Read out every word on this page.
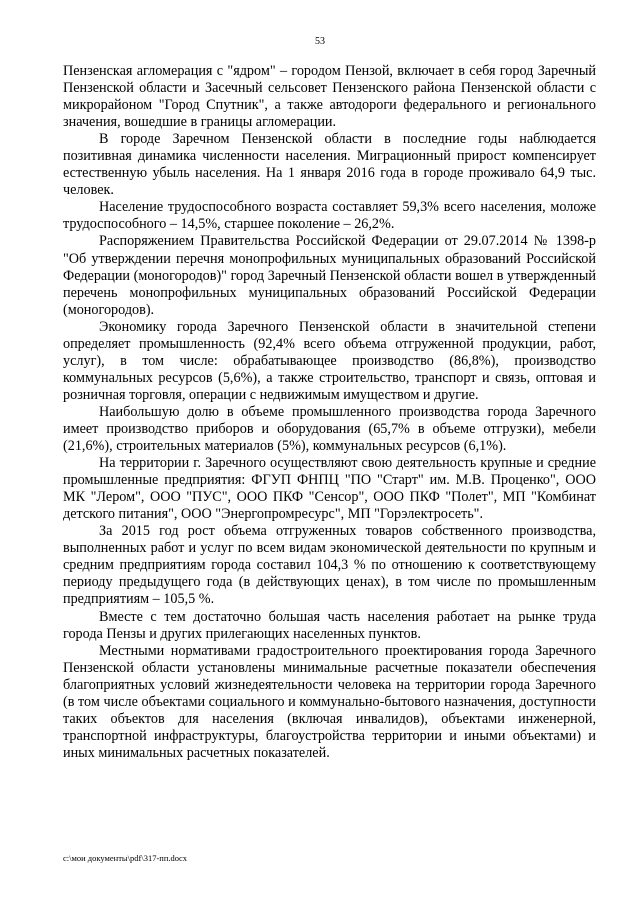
53

Пензенская агломерация с "ядром" – городом Пензой, включает в себя город Заречный Пензенской области и Засечный сельсовет Пензенского района Пензенской области с микрорайоном "Город Спутник", а также автодороги федерального и регионального значения, вошедшие в границы агломерации.

В городе Заречном Пензенской области в последние годы наблюдается позитивная динамика численности населения. Миграционный прирост компенсирует естественную убыль населения. На 1 января 2016 года в городе проживало 64,9 тыс. человек.

Население трудоспособного возраста составляет 59,3% всего населения, моложе трудоспособного – 14,5%, старшее поколение – 26,2%.

Распоряжением Правительства Российской Федерации от 29.07.2014 № 1398-р "Об утверждении перечня монопрофильных муниципальных образований Российской Федерации (моногородов)" город Заречный Пензенской области вошел в утвержденный перечень монопрофильных муниципальных образований Российской Федерации (моногородов).

Экономику города Заречного Пензенской области в значительной степени определяет промышленность (92,4% всего объема отгруженной продукции, работ, услуг), в том числе: обрабатывающее производство (86,8%), производство коммунальных ресурсов (5,6%), а также строительство, транспорт и связь, оптовая и розничная торговля, операции с недвижимым имуществом и другие.

Наибольшую долю в объеме промышленного производства города Заречного имеет производство приборов и оборудования (65,7% в объеме отгрузки), мебели (21,6%), строительных материалов (5%), коммунальных ресурсов (6,1%).

На территории г. Заречного осуществляют свою деятельность крупные и средние промышленные предприятия: ФГУП ФНПЦ "ПО "Старт" им. М.В. Проценко", ООО МК "Лером", ООО "ПУС", ООО ПКФ "Сенсор", ООО ПКФ "Полет", МП "Комбинат детского питания", ООО "Энергопромресурс", МП "Горэлектросеть".

За 2015 год рост объема отгруженных товаров собственного производства, выполненных работ и услуг по всем видам экономической деятельности по крупным и средним предприятиям города составил 104,3 % по отношению к соответствующему периоду предыдущего года (в действующих ценах), в том числе по промышленным предприятиям – 105,5 %.

Вместе с тем достаточно большая часть населения работает на рынке труда города Пензы и других прилегающих населенных пунктов.

Местными нормативами градостроительного проектирования города Заречного Пензенской области установлены минимальные расчетные показатели обеспечения благоприятных условий жизнедеятельности человека на территории города Заречного (в том числе объектами социального и коммунально-бытового назначения, доступности таких объектов для населения (включая инвалидов), объектами инженерной, транспортной инфраструктуры, благоустройства территории и иными объектами) и иных минимальных расчетных показателей.

c:\мои документы\pdf\317-пп.docx
